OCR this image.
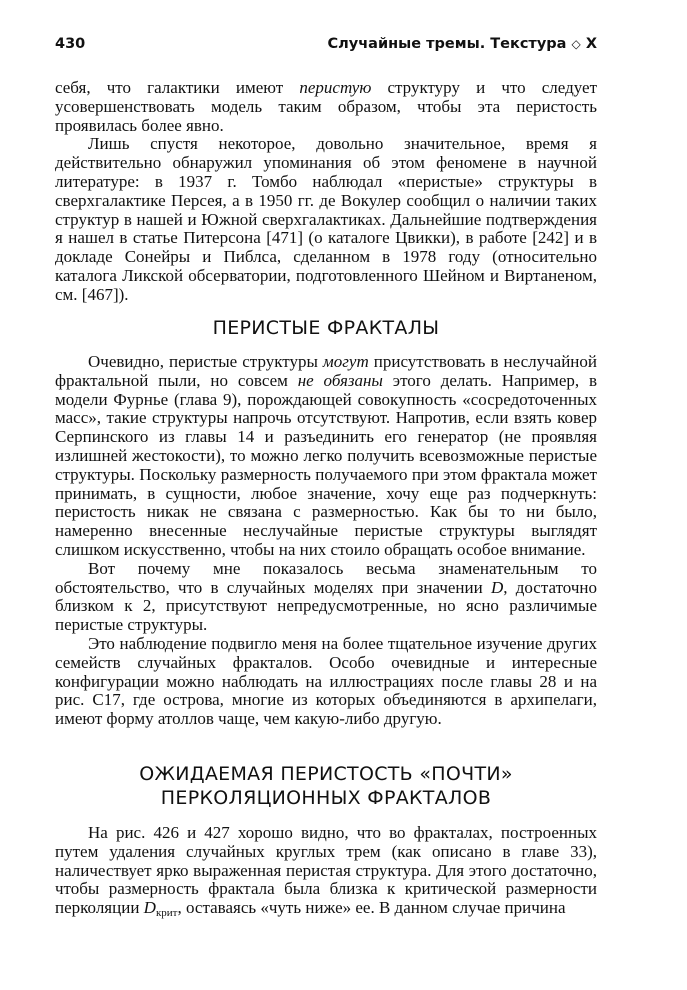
430	Случайные тремы. Текстура ◇ X

себя, что галактики имеют перистую структуру и что следует усовершенствовать модель таким образом, чтобы эта перистость проявилась более явно.

Лишь спустя некоторое, довольно значительное, время я действительно обнаружил упоминания об этом феномене в научной литературе: в 1937 г. Томбо наблюдал «перистые» структуры в сверхгалактике Персея, а в 1950 гг. де Вокулер сообщил о наличии таких структур в нашей и Южной сверхгалактиках. Дальнейшие подтверждения я нашел в статье Питерсона [471] (о каталоге Цвикки), в работе [242] и в докладе Сонейры и Пиблса, сделанном в 1978 году (относительно каталога Ликской обсерватории, подготовленного Шейном и Виртаненом, см. [467]).

ПЕРИСТЫЕ ФРАКТАЛЫ

Очевидно, перистые структуры могут присутствовать в неслучайной фрактальной пыли, но совсем не обязаны этого делать. Например, в модели Фурнье (глава 9), порождающей совокупность «сосредоточенных масс», такие структуры напрочь отсутствуют. Напротив, если взять ковер Серпинского из главы 14 и разъединить его генератор (не проявляя излишней жестокости), то можно легко получить всевозможные перистые структуры. Поскольку размерность получаемого при этом фрактала может принимать, в сущности, любое значение, хочу еще раз подчеркнуть: перистость никак не связана с размерностью. Как бы то ни было, намеренно внесенные неслучайные перистые структуры выглядят слишком искусственно, чтобы на них стоило обращать особое внимание.

Вот почему мне показалось весьма знаменательным то обстоятельство, что в случайных моделях при значении D, достаточно близком к 2, присутствуют непредусмотренные, но ясно различимые перистые структуры.

Это наблюдение подвигло меня на более тщательное изучение других семейств случайных фракталов. Особо очевидные и интересные конфигурации можно наблюдать на иллюстрациях после главы 28 и на рис. С17, где острова, многие из которых объединяются в архипелаги, имеют форму атоллов чаще, чем какую-либо другую.

ОЖИДАЕМАЯ ПЕРИСТОСТЬ «ПОЧТИ»
ПЕРКОЛЯЦИОННЫХ ФРАКТАЛОВ

На рис. 426 и 427 хорошо видно, что во фракталах, построенных путем удаления случайных круглых трем (как описано в главе 33), наличествует ярко выраженная перистая структура. Для этого достаточно, чтобы размерность фрактала была близка к критической размерности перколяции $D_{крит}$, оставаясь «чуть ниже» ее. В данном случае причина
